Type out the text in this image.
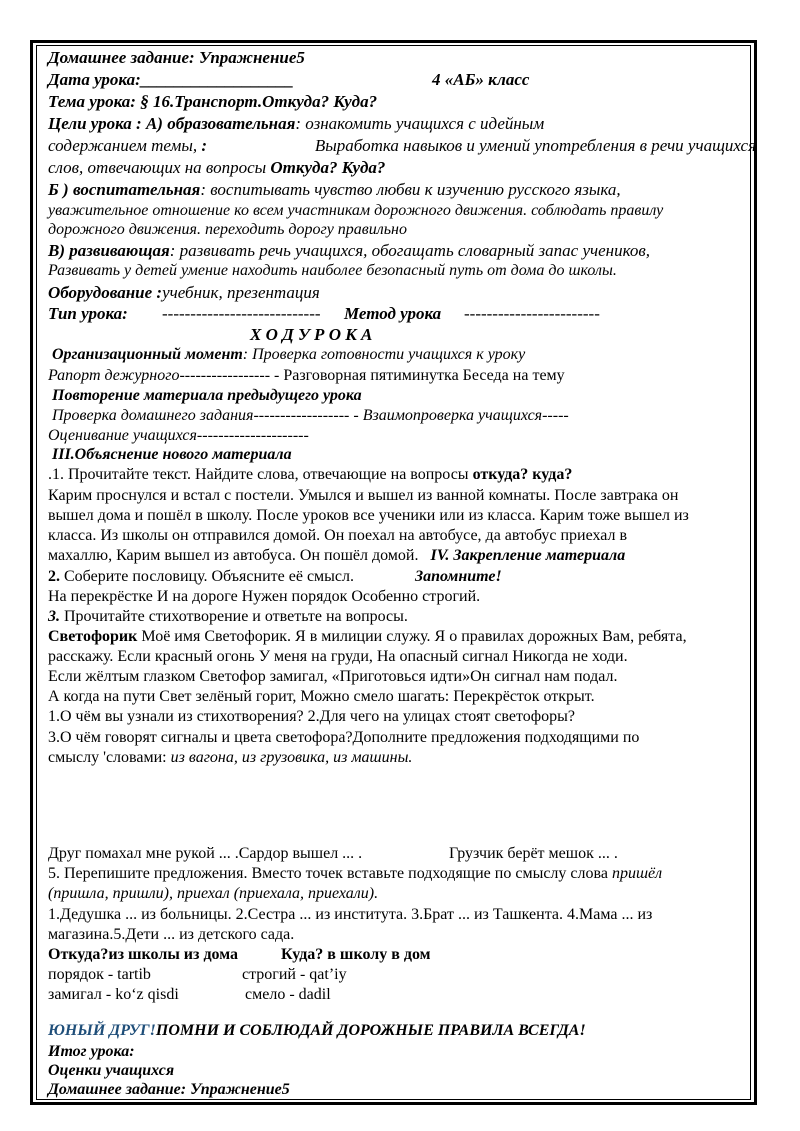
Домашнее задание: Упражнение5
Дата урока:__________________	4 «АБ» класс
Тема урока: § 16.Транспорт.Откуда? Куда?
Цели урока : А) образовательная: ознакомить учащихся с идейным
содержанием темы, :	Выработка навыков и умений употребления в речи учащихся
слов, отвечающих на вопросы Откуда? Куда?
Б ) воспитательная: воспитывать чувство любви к изучению русского языка,
уважительное отношение ко всем участникам дорожного движения. соблюдать правилу
дорожного движения. переходить дорогу правильно
В) развивающая: развивать речь учащихся, обогащать словарный запас учеников,
Развивать у детей умение находить наиболее безопасный путь от дома до школы.
Оборудование :учебник, презентация
Тип урока: ---------------------------- Метод урока ------------------------
Х О Д У Р О К А
Организационный момент: Проверка готовности учащихся к уроку
Рапорт дежурного----------------- - Разговорная пятиминутка Беседа на тему
Повторение материала предыдущего урока
Проверка домашнего задания------------------ - Взаимопроверка учащихся-----
Оценивание учащихся---------------------
III.Объяснение нового материала
.1. Прочитайте текст. Найдите слова, отвечающие на вопросы откуда? куда?
Карим проснулся и встал с постели. Умылся и вышел из ванной комнаты. После завтрака он
вышел дома и пошёл в школу. После уроков все ученики или из класса. Карим тоже вышел из
класса. Из школы он отправился домой. Он поехал на автобусе, да автобус приехал в
махаллю, Карим вышел из автобуса. Он пошёл домой. IV. Закрепление материала
2. Соберите пословицу. Объясните её смысл.	Запомните!
На перекрёстке И на дороге Нужен порядок Особенно строгий.
3. Прочитайте стихотворение и ответьте на вопросы.
Светофорик Моё имя Светофорик. Я в милиции служу. Я о правилах дорожных Вам, ребята,
расскажу. Если красный огонь У меня на груди, На опасный сигнал Никогда не ходи.
Если жёлтым глазком Светофор замигал, «Приготовься идти»Он сигнал нам подал.
А когда на пути Свет зелёный горит, Можно смело шагать: Перекрёсток открыт.
1.О чём вы узнали из стихотворения? 2.Для чего на улицах стоят светофоры?
3.О чём говорят сигналы и цвета светофора?Дополните предложения подходящими по
смыслу 'словами: из вагона, из грузовика, из машины.
Друг помахал мне рукой ... .Сардор вышел ... .	Грузчик берёт мешок ... .
5. Перепишите предложения. Вместо точек вставьте подходящие по смыслу слова пришёл
(пришла, пришли), приехал (приехала, приехали).
1.Дедушка ... из больницы. 2.Сестра ... из института. 3.Брат ... из Ташкента. 4.Мама ... из
магазина.5.Дети ... из детского сада.
Откуда?из школы из дома	Куда? в школу в дом
порядок - tartib	строгий - qat’iy
замигал - ko‘z qisdi	смело - dadil
ЮНЫЙ ДРУГ!ПОМНИ И СОБЛЮДАЙ ДОРОЖНЫЕ ПРАВИЛА ВСЕГДА!
Итог урока:
Оценки учащихся
Домашнее задание: Упражнение5
